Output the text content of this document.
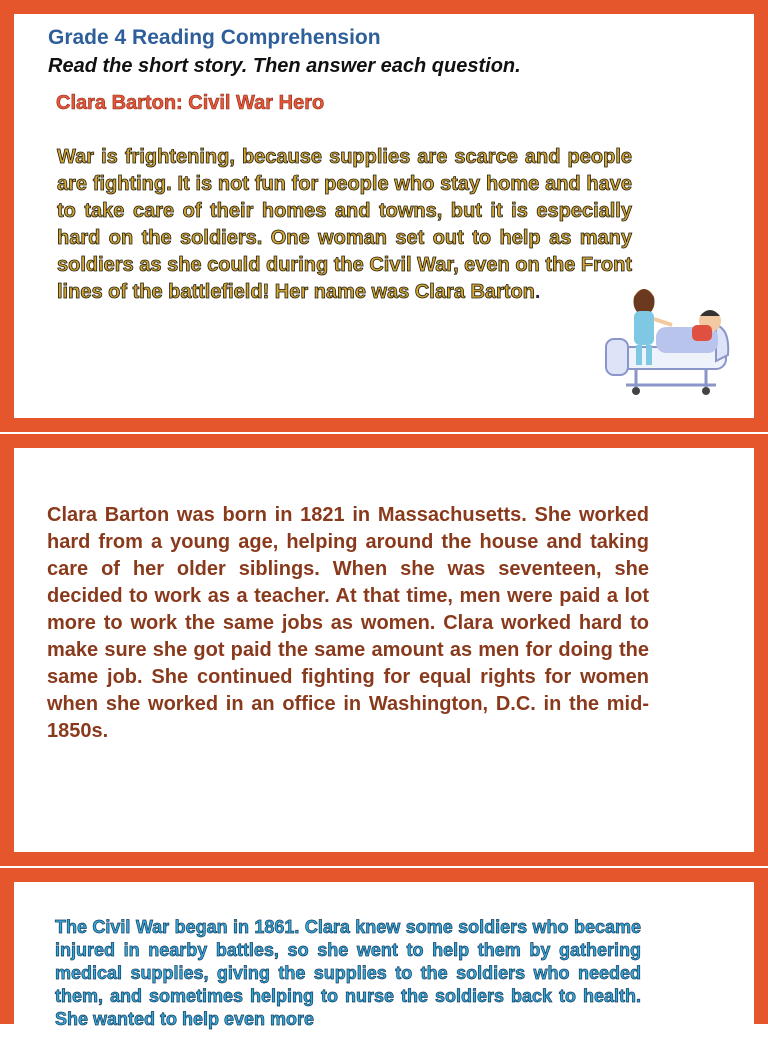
Grade 4 Reading Comprehension

Read the short story. Then answer each question.

Clara Barton: Civil War Hero

War is frightening, because supplies are scarce and people are fighting. It is not fun for people who stay home and have to take care of their homes and towns, but it is especially hard on the soldiers. One woman set out to help as many soldiers as she could during the Civil War, even on the Front lines of the battlefield! Her name was Clara Barton.

Clara Barton was born in 1821 in Massachusetts. She worked hard from a young age, helping around the house and taking care of her older siblings. When she was seventeen, she decided to work as a teacher. At that time, men were paid a lot more to work the same jobs as women. Clara worked hard to make sure she got paid the same amount as men for doing the same job. She continued fighting for equal rights for women when she worked in an office in Washington, D.C. in the mid-1850s.

The Civil War began in 1861. Clara knew some soldiers who became injured in nearby battles, so she went to help them by gathering medical supplies, giving the supplies to the soldiers who needed them, and sometimes helping to nurse the soldiers back to health. She wanted to help even more
